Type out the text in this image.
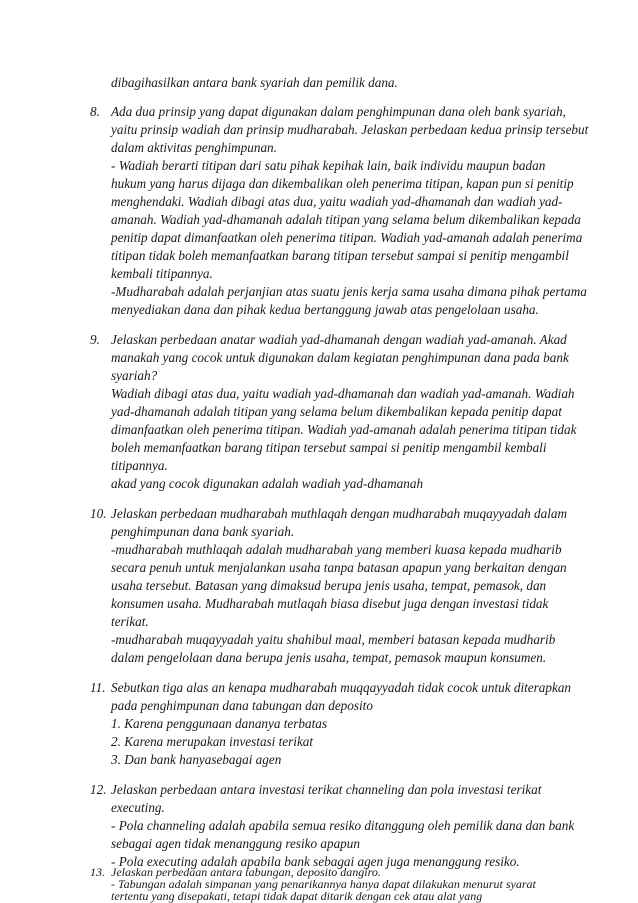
dibagihasilkan antara bank syariah dan pemilik dana.
8. Ada dua prinsip yang dapat digunakan dalam penghimpunan dana oleh bank syariah,
yaitu prinsip wadiah dan prinsip mudharabah. Jelaskan perbedaan kedua prinsip tersebut
dalam aktivitas penghimpunan.
- Wadiah berarti titipan dari satu pihak kepihak lain, baik individu maupun badan
hukum yang harus dijaga dan dikembalikan oleh penerima titipan, kapan pun si penitip
menghendaki. Wadiah dibagi atas dua, yaitu wadiah yad-dhamanah dan wadiah yad-
amanah. Wadiah yad-dhamanah adalah titipan yang selama belum dikembalikan kepada
penitip dapat dimanfaatkan oleh penerima titipan. Wadiah yad-amanah adalah penerima
titipan tidak boleh memanfaatkan barang titipan tersebut sampai si penitip mengambil
kembali titipannya.
-Mudharabah adalah perjanjian atas suatu jenis kerja sama usaha dimana pihak pertama
menyediakan dana dan pihak kedua bertanggung jawab atas pengelolaan usaha.
9. Jelaskan perbedaan anatar wadiah yad-dhamanah dengan wadiah yad-amanah. Akad
manakah yang cocok untuk digunakan dalam kegiatan penghimpunan dana pada bank
syariah?
Wadiah dibagi atas dua, yaitu wadiah yad-dhamanah dan wadiah yad-amanah. Wadiah
yad-dhamanah adalah titipan yang selama belum dikembalikan kepada penitip dapat
dimanfaatkan oleh penerima titipan. Wadiah yad-amanah adalah penerima titipan tidak
boleh memanfaatkan barang titipan tersebut sampai si penitip mengambil kembali
titipannya.
akad yang cocok digunakan adalah wadiah yad-dhamanah
10. Jelaskan perbedaan mudharabah muthlaqah dengan mudharabah muqayyadah dalam
penghimpunan dana bank syariah.
-mudharabah muthlaqah adalah mudharabah yang memberi kuasa kepada mudharib
secara penuh untuk menjalankan usaha tanpa batasan apapun yang berkaitan dengan
usaha tersebut. Batasan yang dimaksud berupa jenis usaha, tempat, pemasok, dan
konsumen usaha. Mudharabah mutlaqah biasa disebut juga dengan investasi tidak
terikat.
-mudharabah muqayyadah yaitu shahibul maal, memberi batasan kepada mudharib
dalam pengelolaan dana berupa jenis usaha, tempat, pemasok maupun konsumen.
11. Sebutkan tiga alas an kenapa mudharabah muqqayyadah tidak cocok untuk diterapkan
pada penghimpunan dana tabungan dan deposito
1. Karena penggunaan dananya terbatas
2. Karena merupakan investasi terikat
3. Dan bank hanyasebagai agen
12. Jelaskan perbedaan antara investasi terikat channeling dan pola investasi terikat
executing.
- Pola channeling adalah apabila semua resiko ditanggung oleh pemilik dana dan bank
sebagai agen tidak menanggung resiko apapun
- Pola executing adalah apabila bank sebagai agen juga menanggung resiko.
13. Jelaskan perbedaan antara tabungan, deposito dangiro.
- Tabungan adalah simpanan yang penarikannya hanya dapat dilakukan menurut syarat
tertentu yang disepakati, tetapi tidak dapat ditarik dengan cek atau alat yang
